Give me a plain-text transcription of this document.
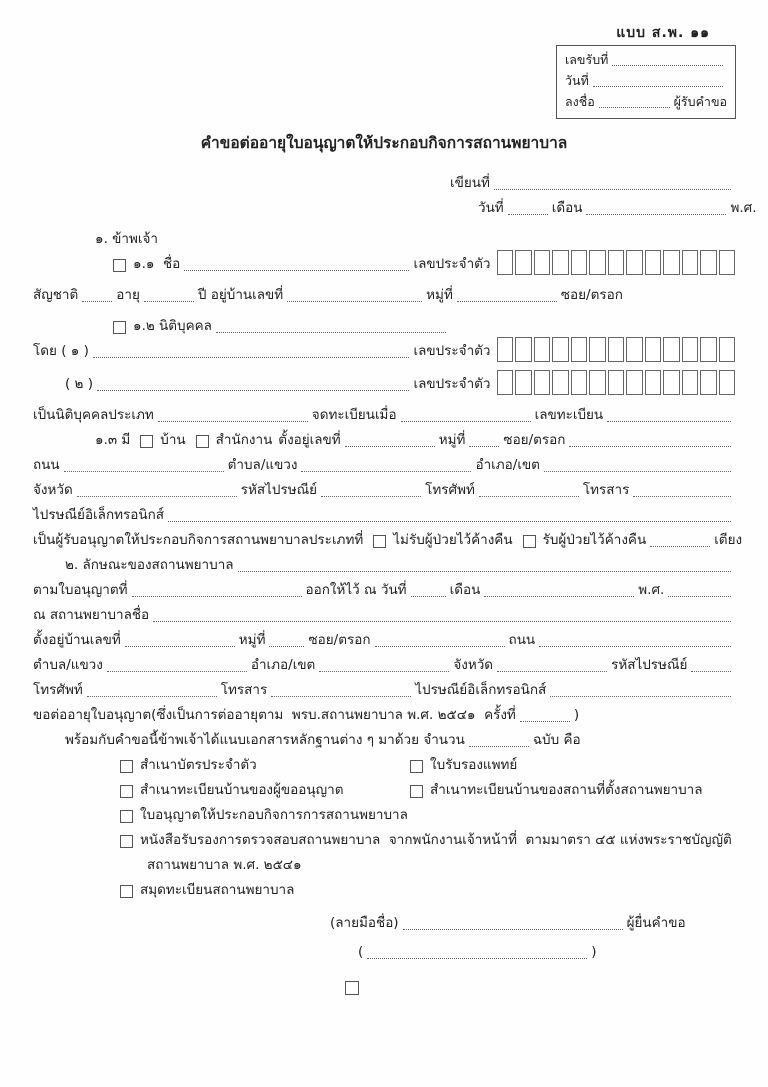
แบบ ส.พ. ๑๑
เลขรับที่
วันที่
ลงชื่อ	ผู้รับคำขอ
คำขอต่ออายุใบอนุญาตให้ประกอบกิจการสถานพยาบาล
เขียนที่
วันที่	เดือน	พ.ศ.
๑. ข้าพเจ้า
๑.๑  ชื่อ	เลขประจำตัว
สัญชาติ	อายุ	ปี อยู่บ้านเลขที่	หมู่ที่	ซอย/ตรอก
๑.๒ นิติบุคคล
โดย ( ๑ )	เลขประจำตัว
( ๒ )	เลขประจำตัว
เป็นนิติบุคคลประเภท	จดทะเบียนเมื่อ	เลขทะเบียน
๑.๓ มี บ้าน สำนักงาน ตั้งอยู่เลขที่	หมู่ที่	ซอย/ตรอก
ถนน	ตำบล/แขวง	อำเภอ/เขต
จังหวัด	รหัสไปรษณีย์	โทรศัพท์	โทรสาร
ไปรษณีย์อิเล็กทรอนิกส์
เป็นผู้รับอนุญาตให้ประกอบกิจการสถานพยาบาลประเภทที่ ไม่รับผู้ป่วยไว้ค้างคืน รับผู้ป่วยไว้ค้างคืน	เตียง
๒. ลักษณะของสถานพยาบาล
ตามใบอนุญาตที่	ออกให้ไว้ ณ วันที่	เดือน	พ.ศ.
ณ สถานพยาบาลชื่อ
ตั้งอยู่บ้านเลขที่	หมู่ที่	ซอย/ตรอก	ถนน
ตำบล/แขวง	อำเภอ/เขต	จังหวัด	รหัสไปรษณีย์
โทรศัพท์	โทรสาร	ไปรษณีย์อิเล็กทรอนิกส์
ขอต่ออายุใบอนุญาต(ซึ่งเป็นการต่ออายุตาม  พรบ.สถานพยาบาล พ.ศ. ๒๕๔๑  ครั้งที่	)
พร้อมกับคำขอนี้ข้าพเจ้าได้แนบเอกสารหลักฐานต่าง ๆ มาด้วย จำนวน	ฉบับ คือ
สำเนาบัตรประจำตัว	ใบรับรองแพทย์
สำเนาทะเบียนบ้านของผู้ขออนุญาต	สำเนาทะเบียนบ้านของสถานที่ตั้งสถานพยาบาล
ใบอนุญาตให้ประกอบกิจการการสถานพยาบาล
หนังสือรับรองการตรวจสอบสถานพยาบาล  จากพนักงานเจ้าหน้าที่  ตามมาตรา ๔๕ แห่งพระราชบัญญัติ
สถานพยาบาล พ.ศ. ๒๕๔๑
สมุดทะเบียนสถานพยาบาล
(ลายมือชื่อ)	ผู้ยื่นคำขอ
(	)
